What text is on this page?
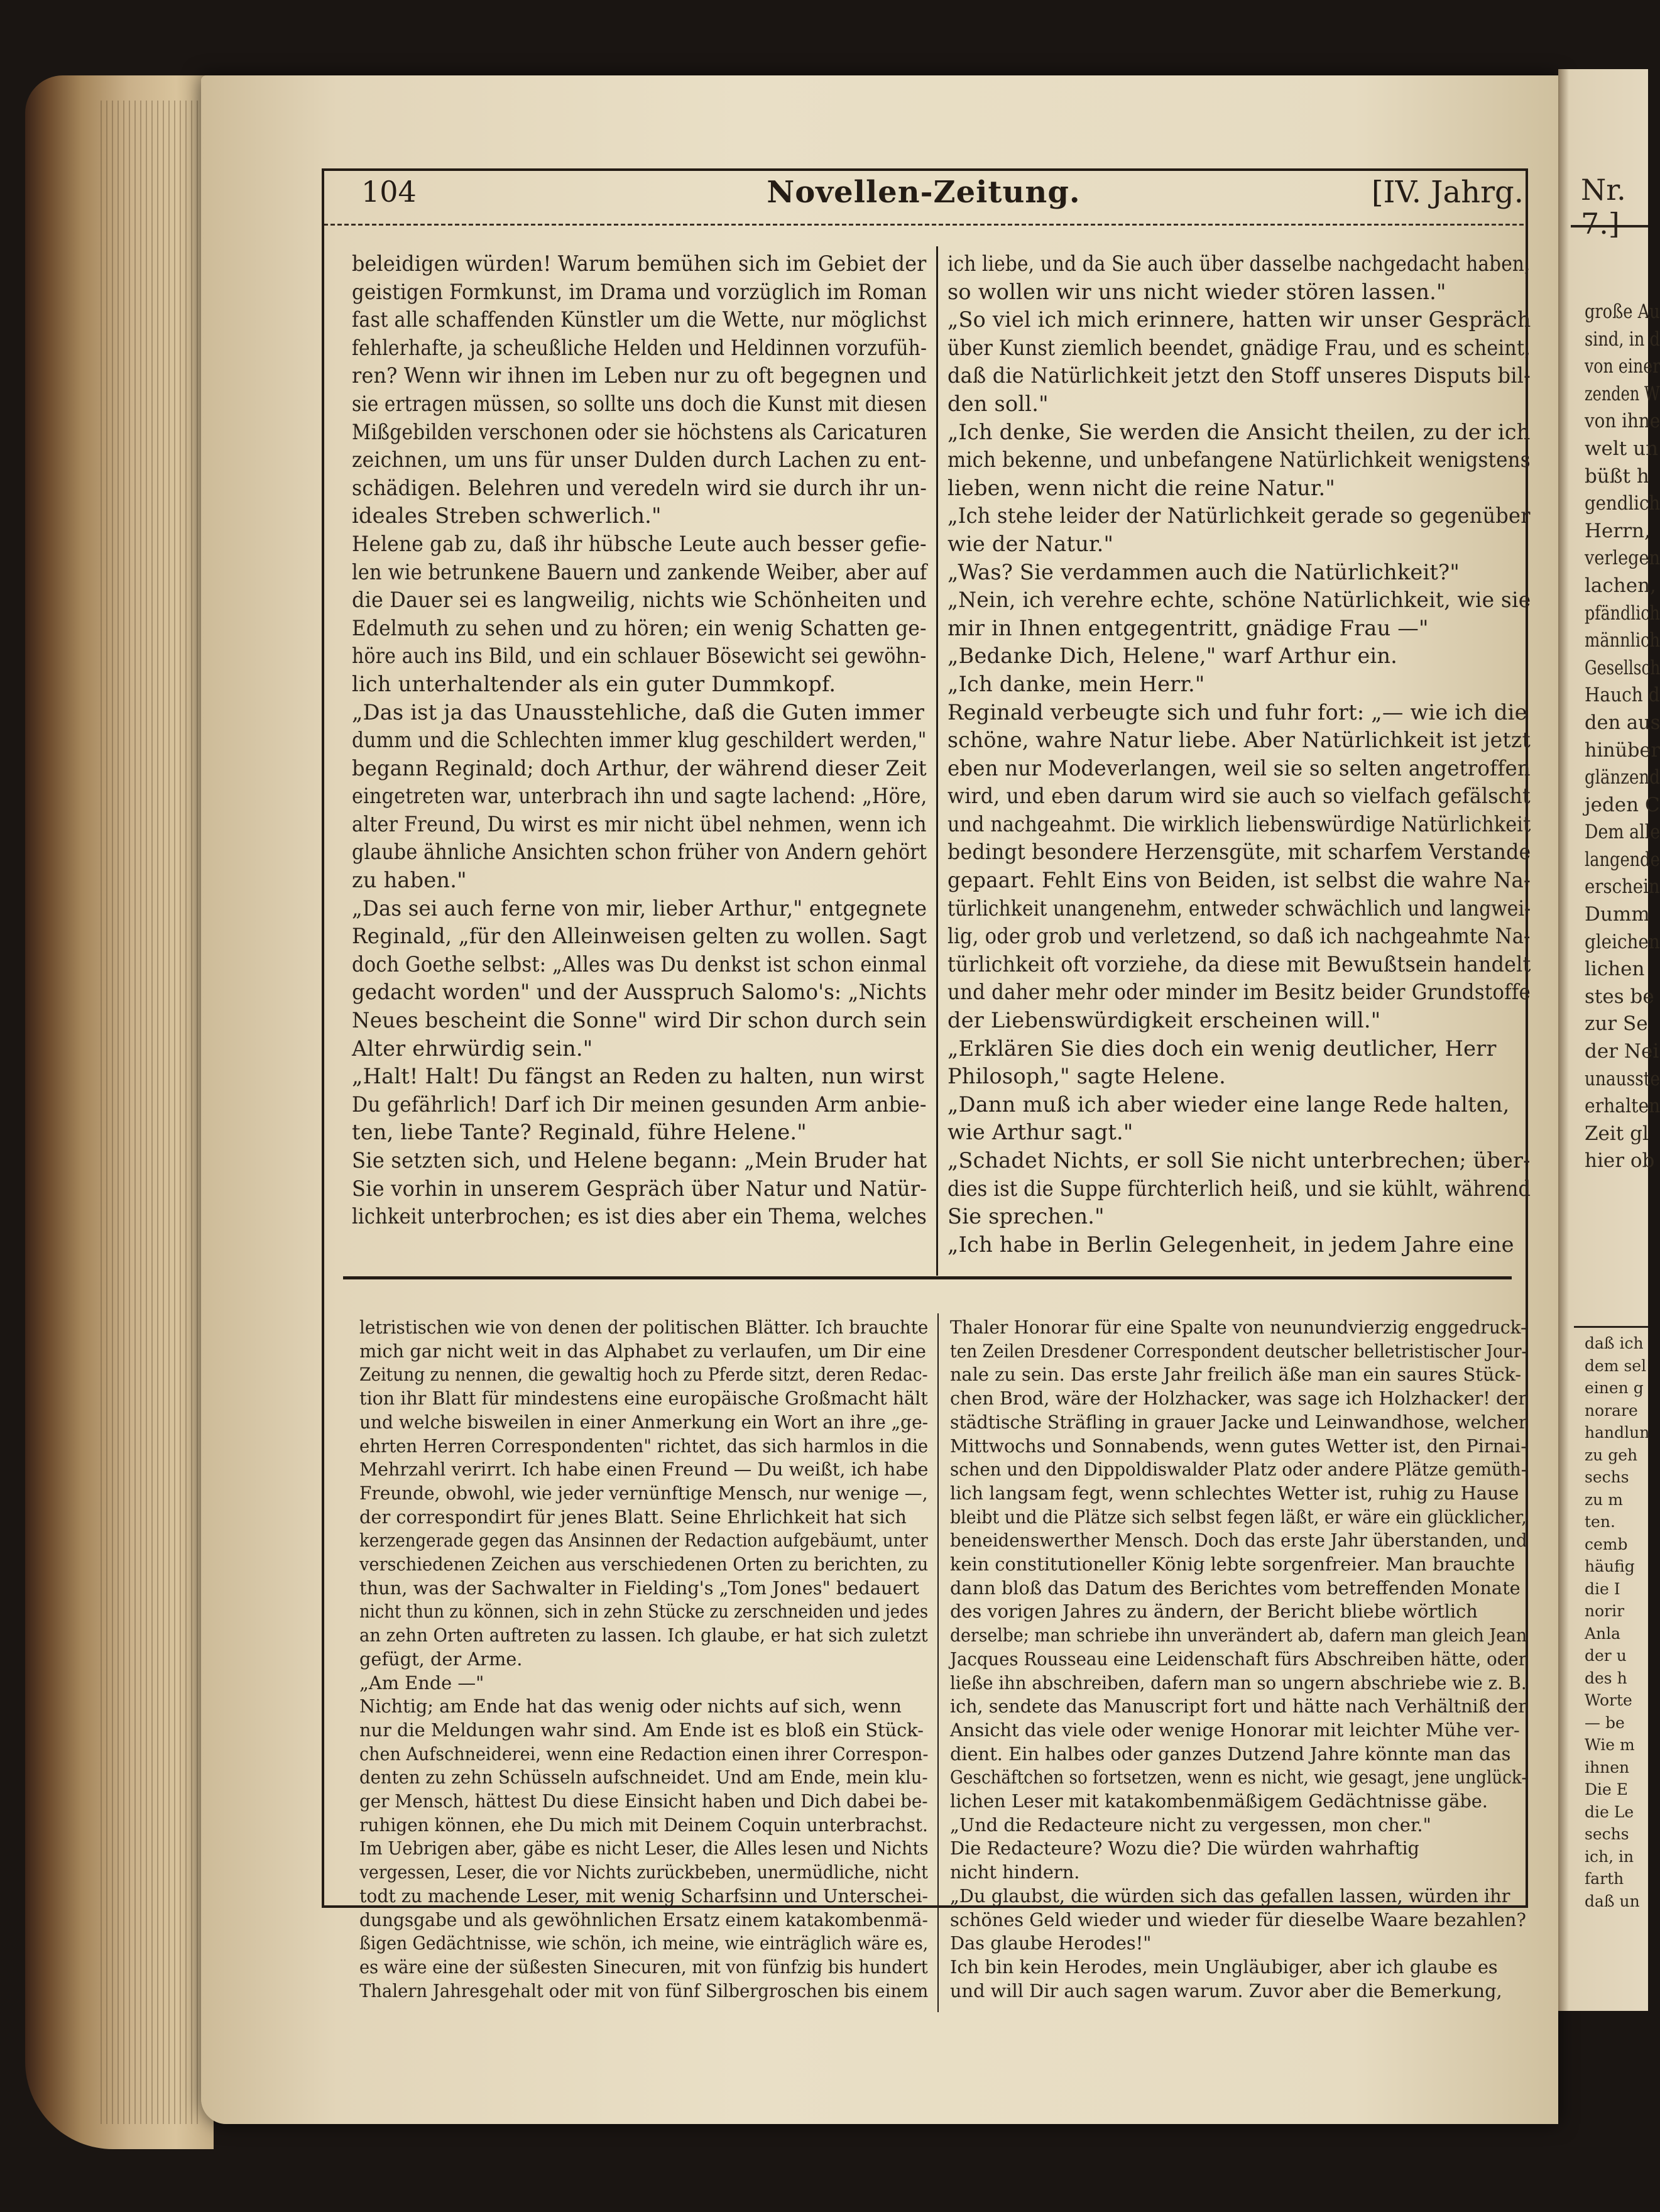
Nr. 7.]

große Au

sind, in d

von einer

zenden W

von ihne

welt un

büßt h

gendlich

Herrn,

verlegen

lachen,

pfändlich

männlich

Gesellsch

Hauch d

den aus

hinüber

glänzend

jeden C

Dem alle

langende

erschein

Dumm

gleichen

lichen

stes be

zur Se

der Nei

unausste

erhalten

Zeit gl

hier ob

daß ich

dem sel

einen g

norare

handlun

zu geh

sechs

zu m

ten.

cemb

häufig

die I

norir

Anla

der u

des h

Worte

— be

Wie m

ihnen

Die E

die Le

sechs

ich, in

farth

daß un

104	Novellen-Zeitung.	[IV. Jahrg.

beleidigen würden! Warum bemühen sich im Gebiet der

geistigen Formkunst, im Drama und vorzüglich im Roman

fast alle schaffenden Künstler um die Wette, nur möglichst

fehlerhafte, ja scheußliche Helden und Heldinnen vorzufüh-

ren? Wenn wir ihnen im Leben nur zu oft begegnen und

sie ertragen müssen, so sollte uns doch die Kunst mit diesen

Mißgebilden verschonen oder sie höchstens als Caricaturen

zeichnen, um uns für unser Dulden durch Lachen zu ent-

schädigen. Belehren und veredeln wird sie durch ihr un-

ideales Streben schwerlich."

Helene gab zu, daß ihr hübsche Leute auch besser gefie-

len wie betrunkene Bauern und zankende Weiber, aber auf

die Dauer sei es langweilig, nichts wie Schönheiten und

Edelmuth zu sehen und zu hören; ein wenig Schatten ge-

höre auch ins Bild, und ein schlauer Bösewicht sei gewöhn-

lich unterhaltender als ein guter Dummkopf.

„Das ist ja das Unausstehliche, daß die Guten immer

dumm und die Schlechten immer klug geschildert werden,"

begann Reginald; doch Arthur, der während dieser Zeit

eingetreten war, unterbrach ihn und sagte lachend: „Höre,

alter Freund, Du wirst es mir nicht übel nehmen, wenn ich

glaube ähnliche Ansichten schon früher von Andern gehört

zu haben."

„Das sei auch ferne von mir, lieber Arthur," entgegnete

Reginald, „für den Alleinweisen gelten zu wollen. Sagt

doch Goethe selbst: „Alles was Du denkst ist schon einmal

gedacht worden" und der Ausspruch Salomo's: „Nichts

Neues bescheint die Sonne" wird Dir schon durch sein

Alter ehrwürdig sein."

„Halt! Halt! Du fängst an Reden zu halten, nun wirst

Du gefährlich! Darf ich Dir meinen gesunden Arm anbie-

ten, liebe Tante? Reginald, führe Helene."

Sie setzten sich, und Helene begann: „Mein Bruder hat

Sie vorhin in unserem Gespräch über Natur und Natür-

lichkeit unterbrochen; es ist dies aber ein Thema, welches

ich liebe, und da Sie auch über dasselbe nachgedacht haben,

so wollen wir uns nicht wieder stören lassen."

„So viel ich mich erinnere, hatten wir unser Gespräch

über Kunst ziemlich beendet, gnädige Frau, und es scheint,

daß die Natürlichkeit jetzt den Stoff unseres Disputs bil-

den soll."

„Ich denke, Sie werden die Ansicht theilen, zu der ich

mich bekenne, und unbefangene Natürlichkeit wenigstens

lieben, wenn nicht die reine Natur."

„Ich stehe leider der Natürlichkeit gerade so gegenüber

wie der Natur."

„Was? Sie verdammen auch die Natürlichkeit?"

„Nein, ich verehre echte, schöne Natürlichkeit, wie sie

mir in Ihnen entgegentritt, gnädige Frau —"

„Bedanke Dich, Helene," warf Arthur ein.

„Ich danke, mein Herr."

Reginald verbeugte sich und fuhr fort: „— wie ich die

schöne, wahre Natur liebe. Aber Natürlichkeit ist jetzt

eben nur Modeverlangen, weil sie so selten angetroffen

wird, und eben darum wird sie auch so vielfach gefälscht

und nachgeahmt. Die wirklich liebenswürdige Natürlichkeit

bedingt besondere Herzensgüte, mit scharfem Verstande

gepaart. Fehlt Eins von Beiden, ist selbst die wahre Na-

türlichkeit unangenehm, entweder schwächlich und langwei-

lig, oder grob und verletzend, so daß ich nachgeahmte Na-

türlichkeit oft vorziehe, da diese mit Bewußtsein handelt

und daher mehr oder minder im Besitz beider Grundstoffe

der Liebenswürdigkeit erscheinen will."

„Erklären Sie dies doch ein wenig deutlicher, Herr

Philosoph," sagte Helene.

„Dann muß ich aber wieder eine lange Rede halten,

wie Arthur sagt."

„Schadet Nichts, er soll Sie nicht unterbrechen; über-

dies ist die Suppe fürchterlich heiß, und sie kühlt, während

Sie sprechen."

„Ich habe in Berlin Gelegenheit, in jedem Jahre eine

letristischen wie von denen der politischen Blätter. Ich brauchte

mich gar nicht weit in das Alphabet zu verlaufen, um Dir eine

Zeitung zu nennen, die gewaltig hoch zu Pferde sitzt, deren Redac-

tion ihr Blatt für mindestens eine europäische Großmacht hält

und welche bisweilen in einer Anmerkung ein Wort an ihre „ge-

ehrten Herren Correspondenten" richtet, das sich harmlos in die

Mehrzahl verirrt. Ich habe einen Freund — Du weißt, ich habe

Freunde, obwohl, wie jeder vernünftige Mensch, nur wenige —,

der correspondirt für jenes Blatt. Seine Ehrlichkeit hat sich

kerzengerade gegen das Ansinnen der Redaction aufgebäumt, unter

verschiedenen Zeichen aus verschiedenen Orten zu berichten, zu

thun, was der Sachwalter in Fielding's „Tom Jones" bedauert

nicht thun zu können, sich in zehn Stücke zu zerschneiden und jedes

an zehn Orten auftreten zu lassen. Ich glaube, er hat sich zuletzt

gefügt, der Arme.

„Am Ende —"

Nichtig; am Ende hat das wenig oder nichts auf sich, wenn

nur die Meldungen wahr sind. Am Ende ist es bloß ein Stück-

chen Aufschneiderei, wenn eine Redaction einen ihrer Correspon-

denten zu zehn Schüsseln aufschneidet. Und am Ende, mein klu-

ger Mensch, hättest Du diese Einsicht haben und Dich dabei be-

ruhigen können, ehe Du mich mit Deinem Coquin unterbrachst.

Im Uebrigen aber, gäbe es nicht Leser, die Alles lesen und Nichts

vergessen, Leser, die vor Nichts zurückbeben, unermüdliche, nicht

todt zu machende Leser, mit wenig Scharfsinn und Unterschei-

dungsgabe und als gewöhnlichen Ersatz einem katakombenmä-

ßigen Gedächtnisse, wie schön, ich meine, wie einträglich wäre es,

es wäre eine der süßesten Sinecuren, mit von fünfzig bis hundert

Thalern Jahresgehalt oder mit von fünf Silbergroschen bis einem

Thaler Honorar für eine Spalte von neunundvierzig enggedruck-

ten Zeilen Dresdener Correspondent deutscher belletristischer Jour-

nale zu sein. Das erste Jahr freilich äße man ein saures Stück-

chen Brod, wäre der Holzhacker, was sage ich Holzhacker! der

städtische Sträfling in grauer Jacke und Leinwandhose, welcher

Mittwochs und Sonnabends, wenn gutes Wetter ist, den Pirnai-

schen und den Dippoldiswalder Platz oder andere Plätze gemüth-

lich langsam fegt, wenn schlechtes Wetter ist, ruhig zu Hause

bleibt und die Plätze sich selbst fegen läßt, er wäre ein glücklicher,

beneidenswerther Mensch. Doch das erste Jahr überstanden, und

kein constitutioneller König lebte sorgenfreier. Man brauchte

dann bloß das Datum des Berichtes vom betreffenden Monate

des vorigen Jahres zu ändern, der Bericht bliebe wörtlich

derselbe; man schriebe ihn unverändert ab, dafern man gleich Jean

Jacques Rousseau eine Leidenschaft fürs Abschreiben hätte, oder

ließe ihn abschreiben, dafern man so ungern abschriebe wie z. B.

ich, sendete das Manuscript fort und hätte nach Verhältniß der

Ansicht das viele oder wenige Honorar mit leichter Mühe ver-

dient. Ein halbes oder ganzes Dutzend Jahre könnte man das

Geschäftchen so fortsetzen, wenn es nicht, wie gesagt, jene unglück-

lichen Leser mit katakombenmäßigem Gedächtnisse gäbe.

„Und die Redacteure nicht zu vergessen, mon cher."

Die Redacteure? Wozu die? Die würden wahrhaftig

nicht hindern.

„Du glaubst, die würden sich das gefallen lassen, würden ihr

schönes Geld wieder und wieder für dieselbe Waare bezahlen?

Das glaube Herodes!"

Ich bin kein Herodes, mein Ungläubiger, aber ich glaube es

und will Dir auch sagen warum. Zuvor aber die Bemerkung,
